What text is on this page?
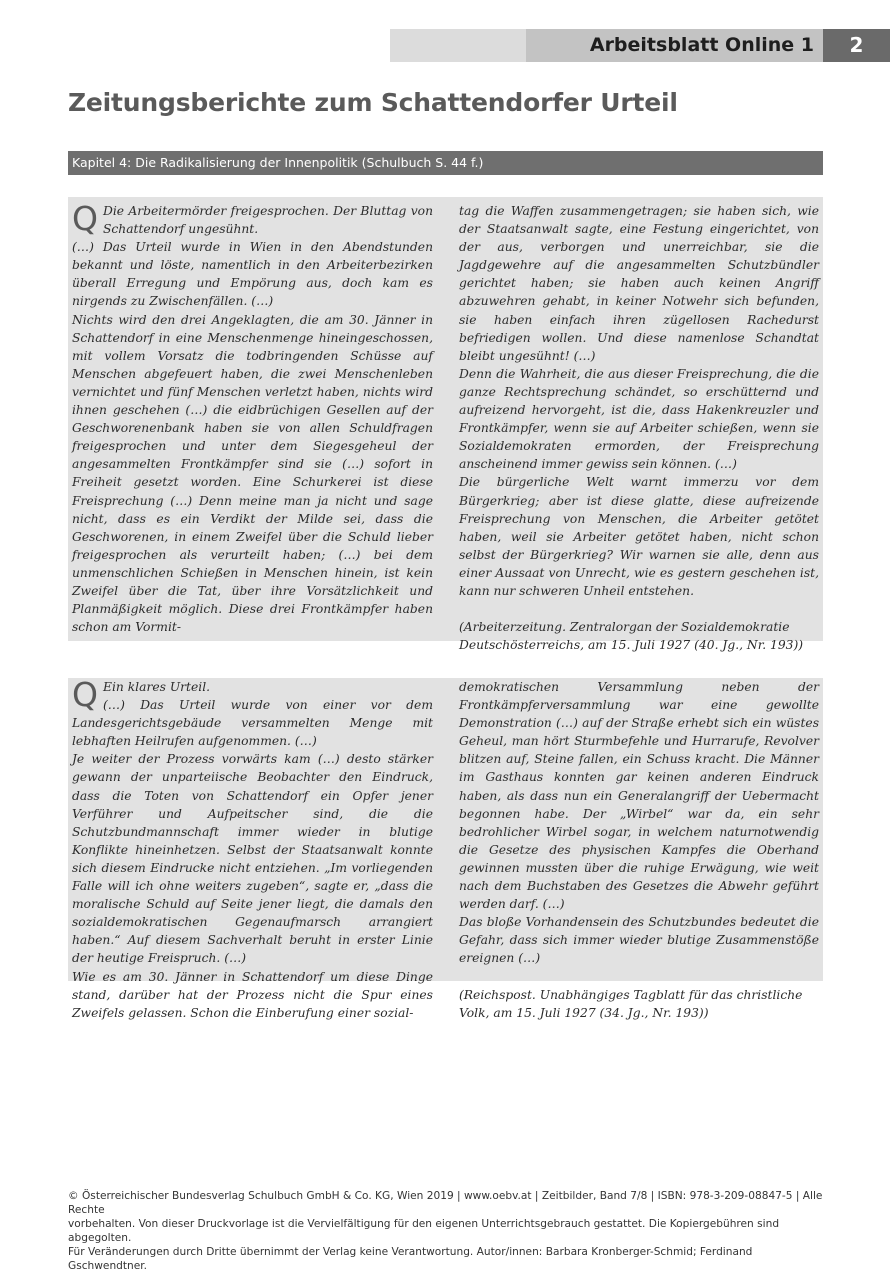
Arbeitsblatt Online 1	2
Zeitungsberichte zum Schattendorfer Urteil
Kapitel 4: Die Radikalisierung der Innenpolitik (Schulbuch S. 44 f.)

Q Die Arbeitermörder freigesprochen. Der Bluttag von Schattendorf ungesühnt.

(…) Das Urteil wurde in Wien in den Abendstunden bekannt und löste, namentlich in den Arbeiterbezirken überall Erregung und Empörung aus, doch kam es nirgends zu Zwischenfällen. (…)

Nichts wird den drei Angeklagten, die am 30. Jänner in Schattendorf in eine Menschenmenge hineingeschossen, mit vollem Vorsatz die todbringenden Schüsse auf Menschen abgefeuert haben, die zwei Menschenleben vernichtet und fünf Menschen verletzt haben, nichts wird ihnen geschehen (…) die eidbrüchigen Gesellen auf der Geschworenenbank haben sie von allen Schuldfragen freigesprochen und unter dem Siegesgeheul der angesammelten Frontkämpfer sind sie (…) sofort in Freiheit gesetzt worden. Eine Schurkerei ist diese Freisprechung (…) Denn meine man ja nicht und sage nicht, dass es ein Verdikt der Milde sei, dass die Geschworenen, in einem Zweifel über die Schuld lieber freigesprochen als verurteilt haben; (…) bei dem unmenschlichen Schießen in Menschen hinein, ist kein Zweifel über die Tat, über ihre Vorsätzlichkeit und Planmäßigkeit möglich. Diese drei Frontkämpfer haben schon am Vormit-

tag die Waffen zusammengetragen; sie haben sich, wie der Staatsanwalt sagte, eine Festung eingerichtet, von der aus, verborgen und unerreichbar, sie die Jagdgewehre auf die angesammelten Schutzbündler gerichtet haben; sie haben auch keinen Angriff abzuwehren gehabt, in keiner Notwehr sich befunden, sie haben einfach ihren zügellosen Rachedurst befriedigen wollen. Und diese namenlose Schandtat bleibt ungesühnt! (…)

Denn die Wahrheit, die aus dieser Freisprechung, die die ganze Rechtsprechung schändet, so erschütternd und aufreizend hervorgeht, ist die, dass Hakenkreuzler und Frontkämpfer, wenn sie auf Arbeiter schießen, wenn sie Sozialdemokraten ermorden, der Freisprechung anscheinend immer gewiss sein können. (…)

Die bürgerliche Welt warnt immerzu vor dem Bürgerkrieg; aber ist diese glatte, diese aufreizende Freisprechung von Menschen, die Arbeiter getötet haben, weil sie Arbeiter getötet haben, nicht schon selbst der Bürgerkrieg? Wir warnen sie alle, denn aus einer Aussaat von Unrecht, wie es gestern geschehen ist, kann nur schweren Unheil entstehen.

(Arbeiterzeitung. Zentralorgan der Sozialdemokratie Deutschösterreichs, am 15. Juli 1927 (40. Jg., Nr. 193))

Q Ein klares Urteil.

(…) Das Urteil wurde von einer vor dem Landesgerichtsgebäude versammelten Menge mit lebhaften Heilrufen aufgenommen. (…)

Je weiter der Prozess vorwärts kam (…) desto stärker gewann der unparteiische Beobachter den Eindruck, dass die Toten von Schattendorf ein Opfer jener Verführer und Aufpeitscher sind, die die Schutzbundmannschaft immer wieder in blutige Konflikte hineinhetzen. Selbst der Staatsanwalt konnte sich diesem Eindrucke nicht entziehen. „Im vorliegenden Falle will ich ohne weiters zugeben“, sagte er, „dass die moralische Schuld auf Seite jener liegt, die damals den sozialdemokratischen Gegenaufmarsch arrangiert haben.“ Auf diesem Sachverhalt beruht in erster Linie der heutige Freispruch. (…)

Wie es am 30. Jänner in Schattendorf um diese Dinge stand, darüber hat der Prozess nicht die Spur eines Zweifels gelassen. Schon die Einberufung einer sozial-

demokratischen Versammlung neben der Frontkämpferversammlung war eine gewollte Demonstration (…) auf der Straße erhebt sich ein wüstes Geheul, man hört Sturmbefehle und Hurrarufe, Revolver blitzen auf, Steine fallen, ein Schuss kracht. Die Männer im Gasthaus konnten gar keinen anderen Eindruck haben, als dass nun ein Generalangriff der Uebermacht begonnen habe. Der „Wirbel“ war da, ein sehr bedrohlicher Wirbel sogar, in welchem naturnotwendig die Gesetze des physischen Kampfes die Oberhand gewinnen mussten über die ruhige Erwägung, wie weit nach dem Buchstaben des Gesetzes die Abwehr geführt werden darf. (…)

Das bloße Vorhandensein des Schutzbundes bedeutet die Gefahr, dass sich immer wieder blutige Zusammenstöße ereignen (…)

(Reichspost. Unabhängiges Tagblatt für das christliche Volk, am 15. Juli 1927 (34. Jg., Nr. 193))

© Österreichischer Bundesverlag Schulbuch GmbH & Co. KG, Wien 2019 | www.oebv.at | Zeitbilder, Band 7/8 | ISBN: 978-3-209-08847-5 | Alle Rechte
vorbehalten. Von dieser Druckvorlage ist die Vervielfältigung für den eigenen Unterrichtsgebrauch gestattet. Die Kopiergebühren sind abgegolten.
Für Veränderungen durch Dritte übernimmt der Verlag keine Verantwortung. Autor/innen: Barbara Kronberger-Schmid; Ferdinand Gschwendtner.
